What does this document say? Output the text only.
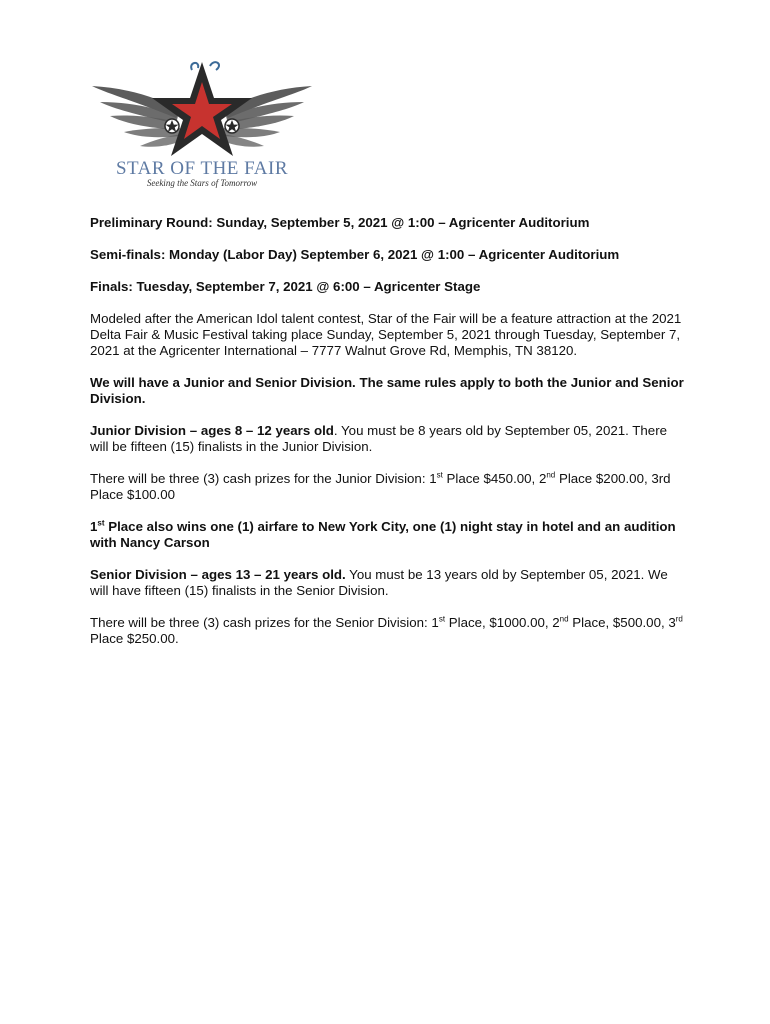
STAR OF THE FAIR
Seeking the Stars of Tomorrow

Preliminary Round: Sunday, September 5, 2021 @ 1:00 – Agricenter Auditorium

Semi-finals: Monday (Labor Day) September 6, 2021 @ 1:00 – Agricenter Auditorium

Finals: Tuesday, September 7, 2021 @ 6:00 – Agricenter Stage

Modeled after the American Idol talent contest, Star of the Fair will be a feature attraction at the 2021 Delta Fair & Music Festival taking place Sunday, September 5, 2021 through Tuesday, September 7, 2021 at the Agricenter International – 7777 Walnut Grove Rd, Memphis, TN 38120.

We will have a Junior and Senior Division. The same rules apply to both the Junior and Senior Division.

Junior Division – ages 8 – 12 years old. You must be 8 years old by September 05, 2021. There will be fifteen (15) finalists in the Junior Division.

There will be three (3) cash prizes for the Junior Division: 1st Place $450.00, 2nd Place $200.00, 3rd Place $100.00

1st Place also wins one (1) airfare to New York City, one (1) night stay in hotel and an audition with Nancy Carson

Senior Division – ages 13 – 21 years old. You must be 13 years old by September 05, 2021. We will have fifteen (15) finalists in the Senior Division.

There will be three (3) cash prizes for the Senior Division: 1st Place, $1000.00, 2nd Place, $500.00, 3rd Place $250.00.
